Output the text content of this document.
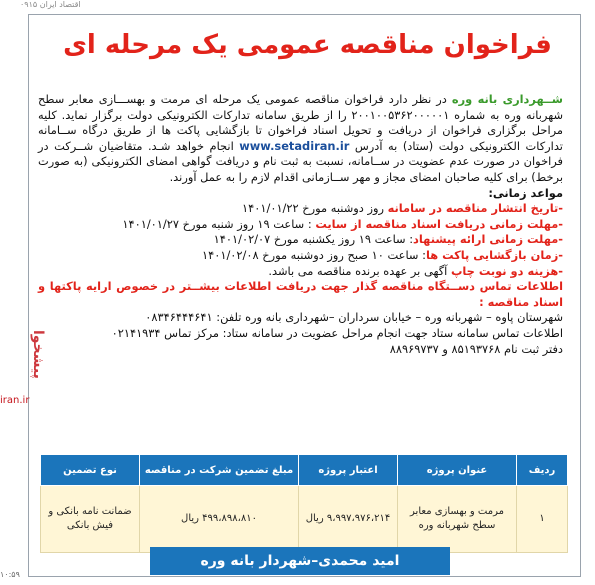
۰۹۱۵ اقتصاد ایران
فراخوان مناقصه عمومی یک مرحله ای

شــهرداری بانه وره در نظر دارد فراخوان مناقصه عمومی یک مرحله ای مرمت و بهســـازی معابر سطح شهربانه وره به شماره ۲۰۰۱۰۰۵۳۶۲۰۰۰۰۰۱ را از طریق سامانه تدارکات الکترونیکی دولت برگزار نماید. کلیه مراحل برگزاری فراخوان از دریافت و تحویل اسناد فراخوان تا بازگشایی پاکت ها از طریق درگاه ســامانه تدارکات الکترونیکی دولت (ستاد) به آدرس www.setadiran.ir انجام خواهد شـد. متقاضیان شــرکت در فراخوان در صورت عدم عضویت در ســامانه، نسبت به ثبت نام و دریافت گواهی امضای الکترونیکی (به صورت برخط) برای کلیه صاحبان امضای مجاز و مهر ســازمانی اقدام لازم را به عمل آورند.

مواعد زمانی:

-تاریخ انتشار مناقصه در سامانه روز دوشنبه مورخ ۱۴۰۱/۰۱/۲۲

-مهلت زمانی دریافت اسناد مناقصه از سایت : ساعت ۱۹ روز شنبه مورخ ۱۴۰۱/۰۱/۲۷

-مهلت زمانی ارائه پیشنهاد: ساعت ۱۹ روز یکشنبه مورخ ۱۴۰۱/۰۲/۰۷

-زمان بازگشایی پاکت ها: ساعت ۱۰ صبح روز دوشنبه مورخ ۱۴۰۱/۰۲/۰۸

-هزینه دو نوبت چاپ آگهی بر عهده برنده مناقصه می باشد.

اطلاعات تماس دســتگاه مناقصه گذار جهت دریافت اطلاعات بیشــتر در خصوص ارایه پاکتها و اسناد مناقصه :

شهرستان پاوه – شهربانه وره – خیابان سرداران –شهرداری بانه وره تلفن: ۰۸۳۴۶۴۴۴۶۴۱

اطلاعات تماس سامانه ستاد جهت انجام مراحل عضویت در سامانه ستاد: مرکز تماس ۰۲۱۴۱۹۳۴

دفتر ثبت نام ۸۵۱۹۳۷۶۸ و ۸۸۹۶۹۷۳۷

پیشخوا
iran.ir
ردیف	عنوان پروژه	اعتبار پروژه	مبلغ تضمین شرکت در مناقصه	نوع تضمین
۱	مرمت و بهسازی معابر سطح شهربانه وره	۹،۹۹۷،۹۷۶،۲۱۴ ریال	۴۹۹،۸۹۸،۸۱۰ ریال	ضمانت نامه بانکی و فیش بانکی
امید محمدی–شهردار بانه وره
۱۰:۵۹
